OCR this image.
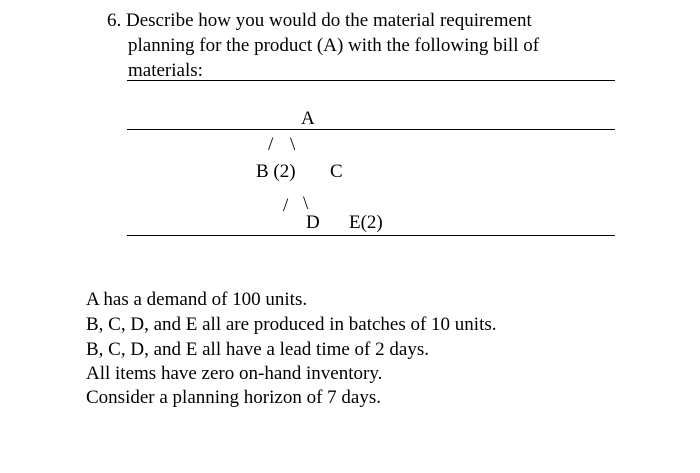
6. Describe how you would do the material requirement
planning for the product (A) with the following bill of
materials:
A
/ \
B (2) C
/ \
D E(2)
A has a demand of 100 units.
B, C, D, and E all are produced in batches of 10 units.
B, C, D, and E all have a lead time of 2 days.
All items have zero on-hand inventory.
Consider a planning horizon of 7 days.
